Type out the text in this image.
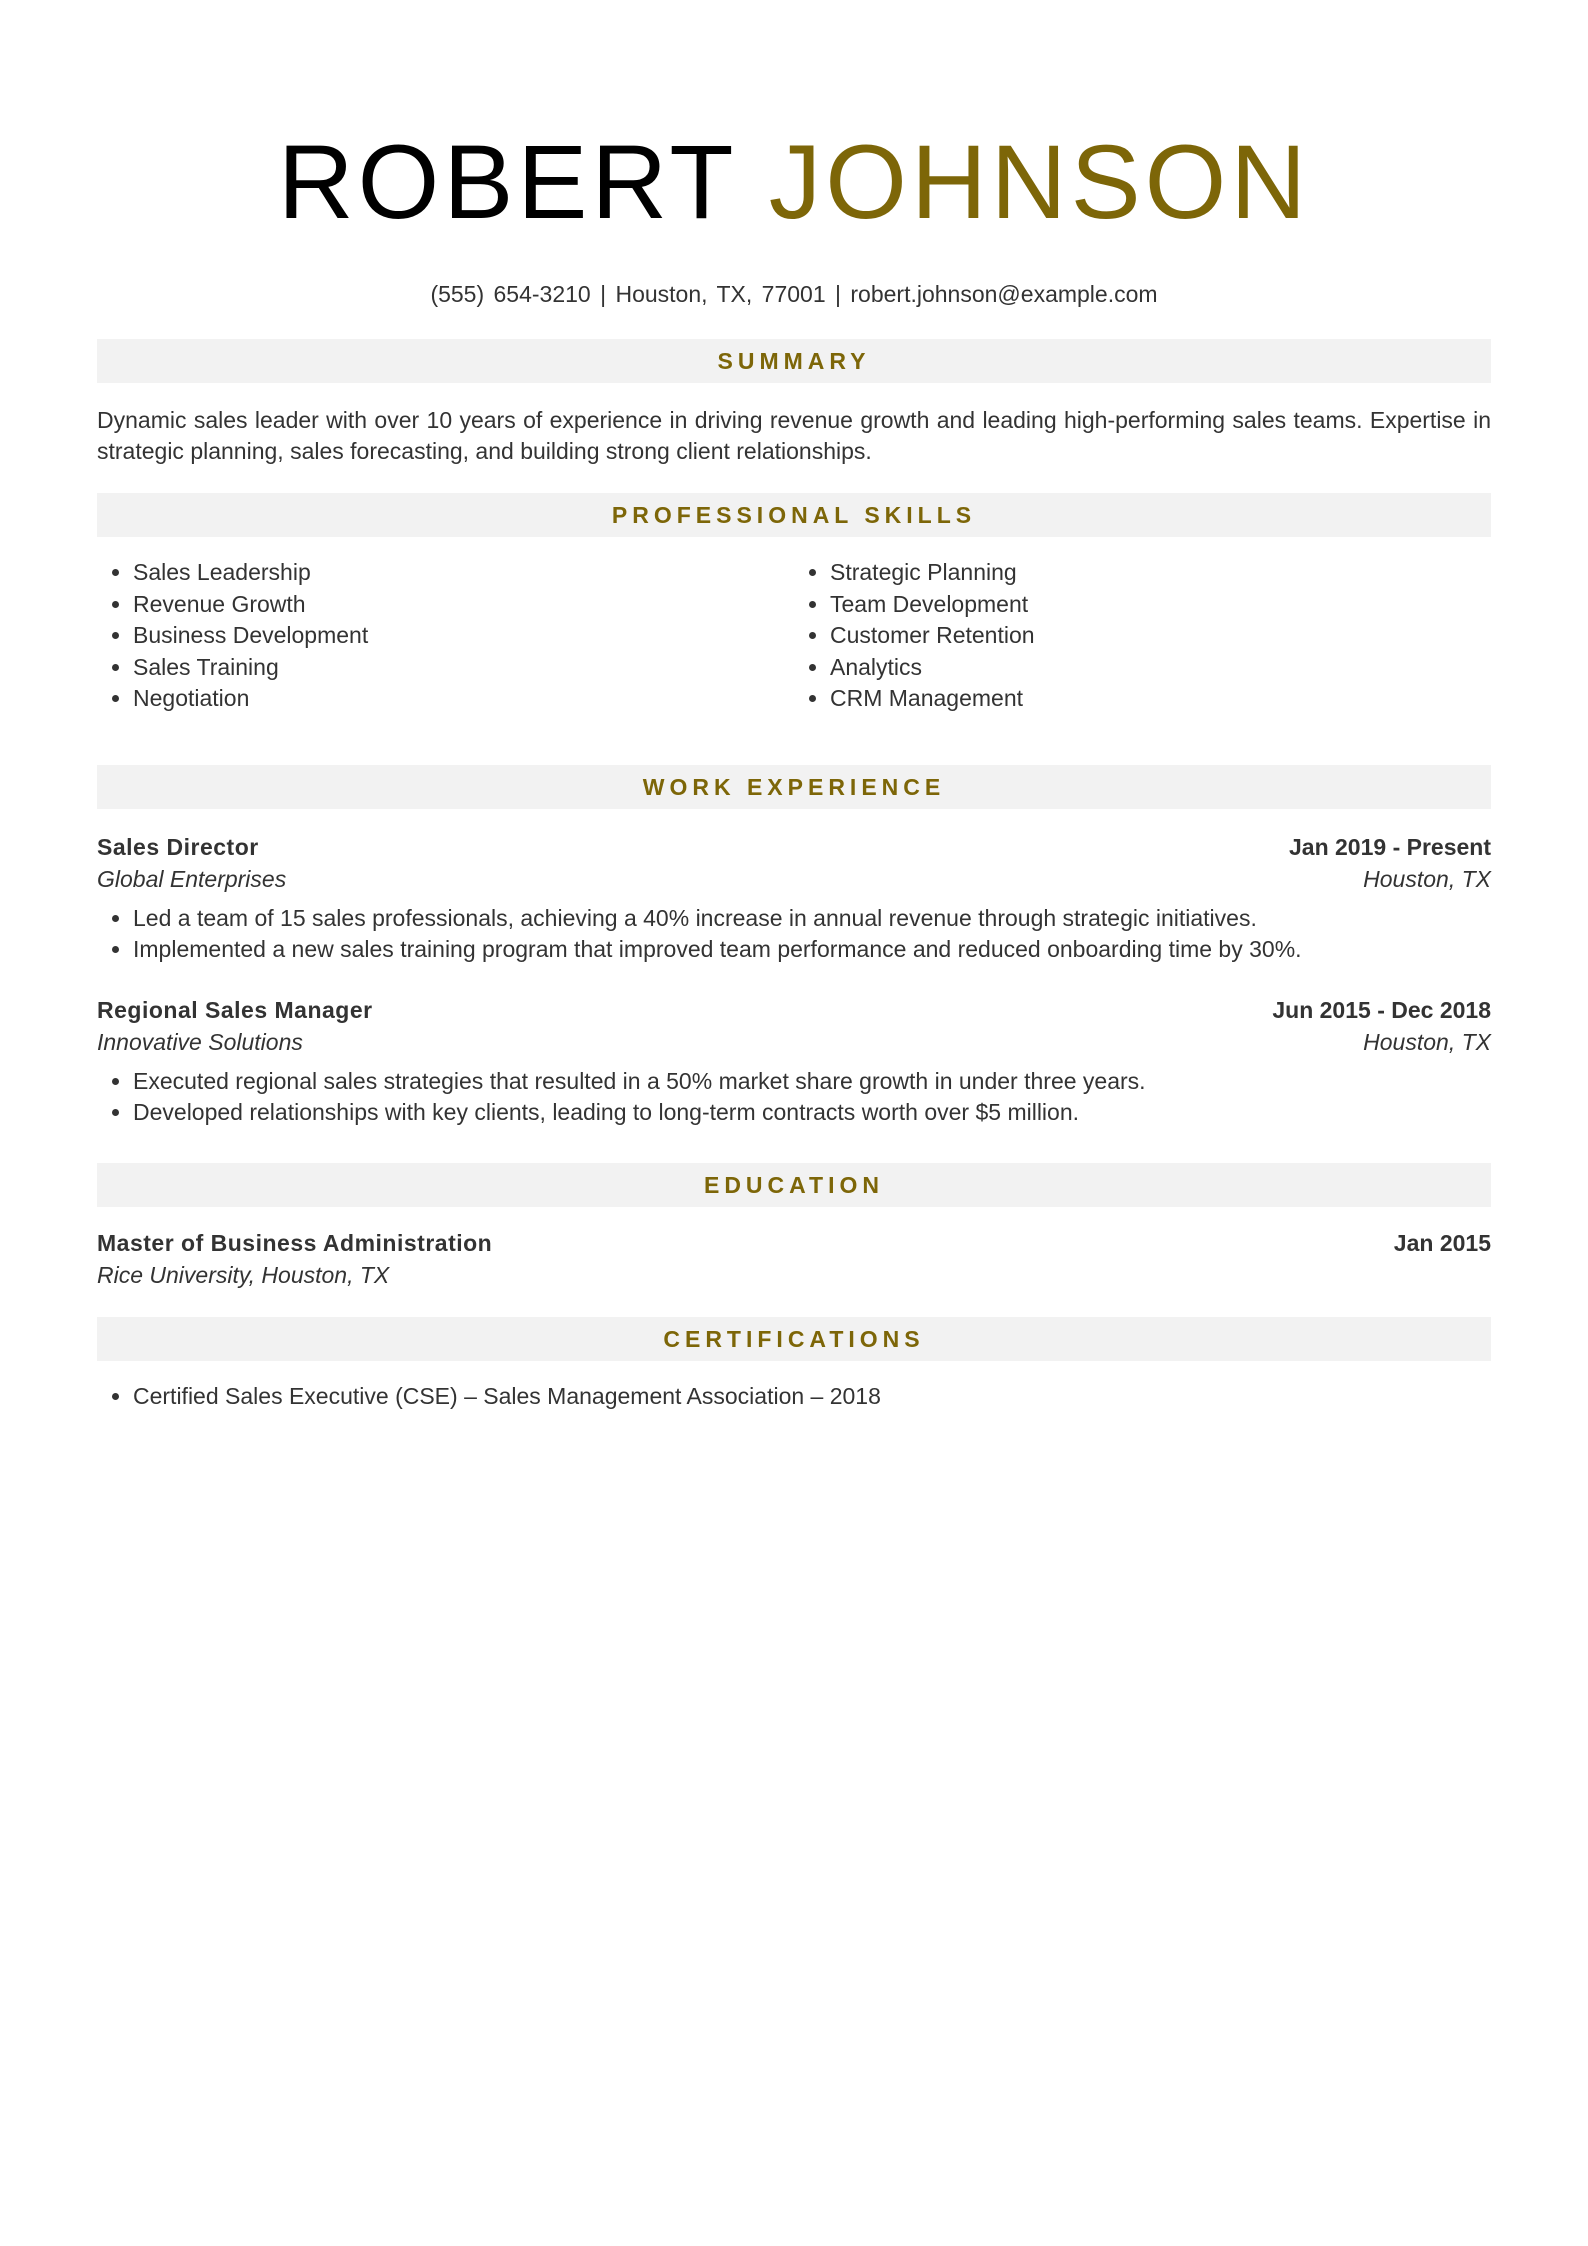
ROBERT JOHNSON
(555) 654-3210 | Houston, TX, 77001 | robert.johnson@example.com
SUMMARY

Dynamic sales leader with over 10 years of experience in driving revenue growth and leading high-performing sales teams. Expertise in strategic planning, sales forecasting, and building strong client relationships.

PROFESSIONAL SKILLS
• Sales Leadership
• Revenue Growth
• Business Development
• Sales Training
• Negotiation
• Strategic Planning
• Team Development
• Customer Retention
• Analytics
• CRM Management
WORK EXPERIENCE
Sales Director	Jan 2019 - Present
Global Enterprises	Houston, TX
• Led a team of 15 sales professionals, achieving a 40% increase in annual revenue through strategic initiatives.
• Implemented a new sales training program that improved team performance and reduced onboarding time by 30%.
Regional Sales Manager	Jun 2015 - Dec 2018
Innovative Solutions	Houston, TX
• Executed regional sales strategies that resulted in a 50% market share growth in under three years.
• Developed relationships with key clients, leading to long-term contracts worth over $5 million.
EDUCATION
Master of Business Administration	Jan 2015
Rice University, Houston, TX
CERTIFICATIONS
• Certified Sales Executive (CSE) – Sales Management Association – 2018
